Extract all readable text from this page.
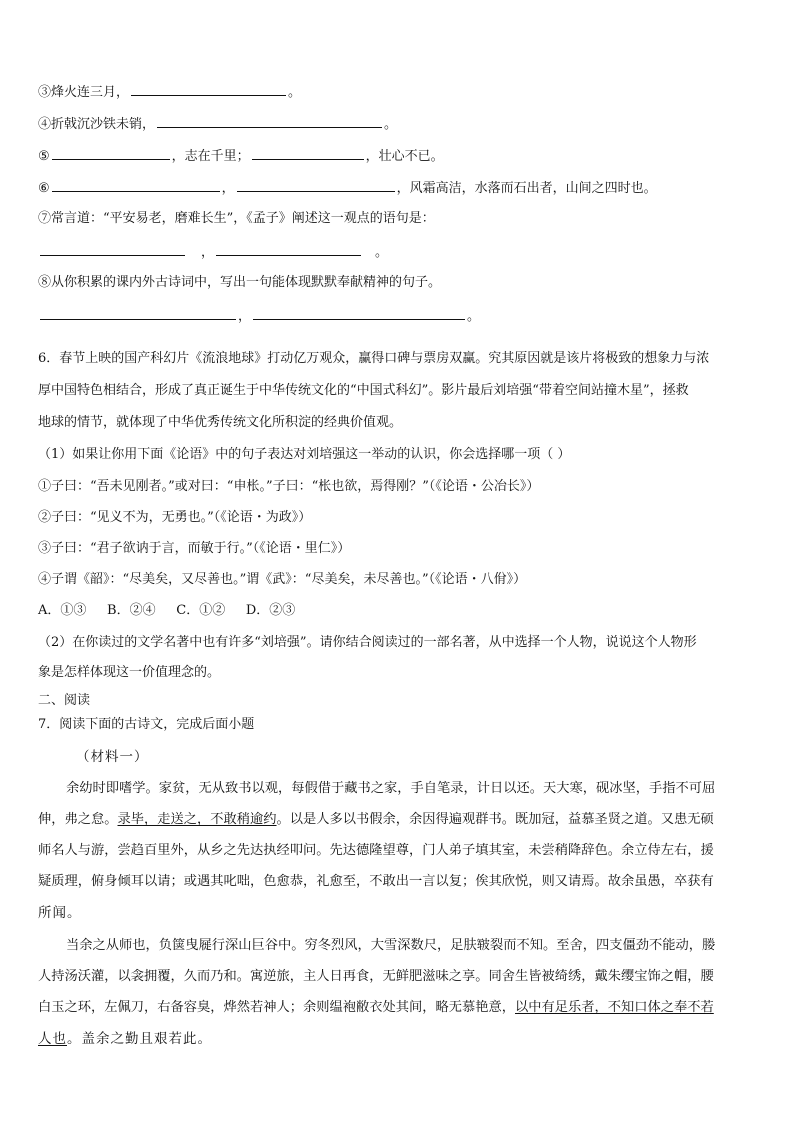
③烽火连三月，	。
④折戟沉沙铁未销，	。
⑤	，志在千里；	，壮心不已。
⑥	，	，风霜高洁，水落而石出者，山间之四时也。
⑦常言道：“平安易老，磨难长生”，《孟子》阐述这一观点的语句是：
，	。
⑧从你积累的课内外古诗词中，写出一句能体现默默奉献精神的句子。
，	。
6．春节上映的国产科幻片《流浪地球》打动亿万观众，赢得口碑与票房双赢。究其原因就是该片将极致的想象力与浓
厚中国特色相结合，形成了真正诞生于中华传统文化的“中国式科幻”。影片最后刘培强“带着空间站撞木星”，拯救
地球的情节，就体现了中华优秀传统文化所积淀的经典价值观。
（1）如果让你用下面《论语》中的句子表达对刘培强这一举动的认识，你会选择哪一项（ ）
①子曰：“吾未见刚者。”或对曰：“申枨。”子曰：“枨也欲，焉得刚？”（《论语・公冶长》）
②子曰：“见义不为，无勇也。”（《论语・为政》）
③子曰：“君子欲讷于言，而敏于行。”（《论语・里仁》）
④子谓《韶》：“尽美矣，又尽善也。”谓《武》：“尽美矣，未尽善也。”（《论语・八佾》）
A．①③     B．②④     C．①②     D．②③
（2）在你读过的文学名著中也有许多“刘培强”。请你结合阅读过的一部名著，从中选择一个人物，说说这个人物形
象是怎样体现这一价值理念的。
二、阅读
7．阅读下面的古诗文，完成后面小题
（材料一）
余幼时即嗜学。家贫，无从致书以观，每假借于藏书之家，手自笔录，计日以还。天大寒，砚冰坚，手指不可屈
伸，弗之怠。录毕，走送之，不敢稍逾约。以是人多以书假余，余因得遍观群书。既加冠，益慕圣贤之道。又患无硕
师名人与游，尝趋百里外，从乡之先达执经叩问。先达德隆望尊，门人弟子填其室，未尝稍降辞色。余立侍左右，援
疑质理，俯身倾耳以请；或遇其叱咄，色愈恭，礼愈至，不敢出一言以复；俟其欣悦，则又请焉。故余虽愚，卒获有
所闻。
当余之从师也，负箧曳屣行深山巨谷中。穷冬烈风，大雪深数尺，足肤皲裂而不知。至舍，四支僵劲不能动，媵
人持汤沃灌，以衾拥覆，久而乃和。寓逆旅，主人日再食，无鲜肥滋味之享。同舍生皆被绮绣，戴朱缨宝饰之帽，腰
白玉之环，左佩刀，右备容臭，烨然若神人；余则缊袍敝衣处其间，略无慕艳意，以中有足乐者，不知口体之奉不若
人也。盖余之勤且艰若此。
